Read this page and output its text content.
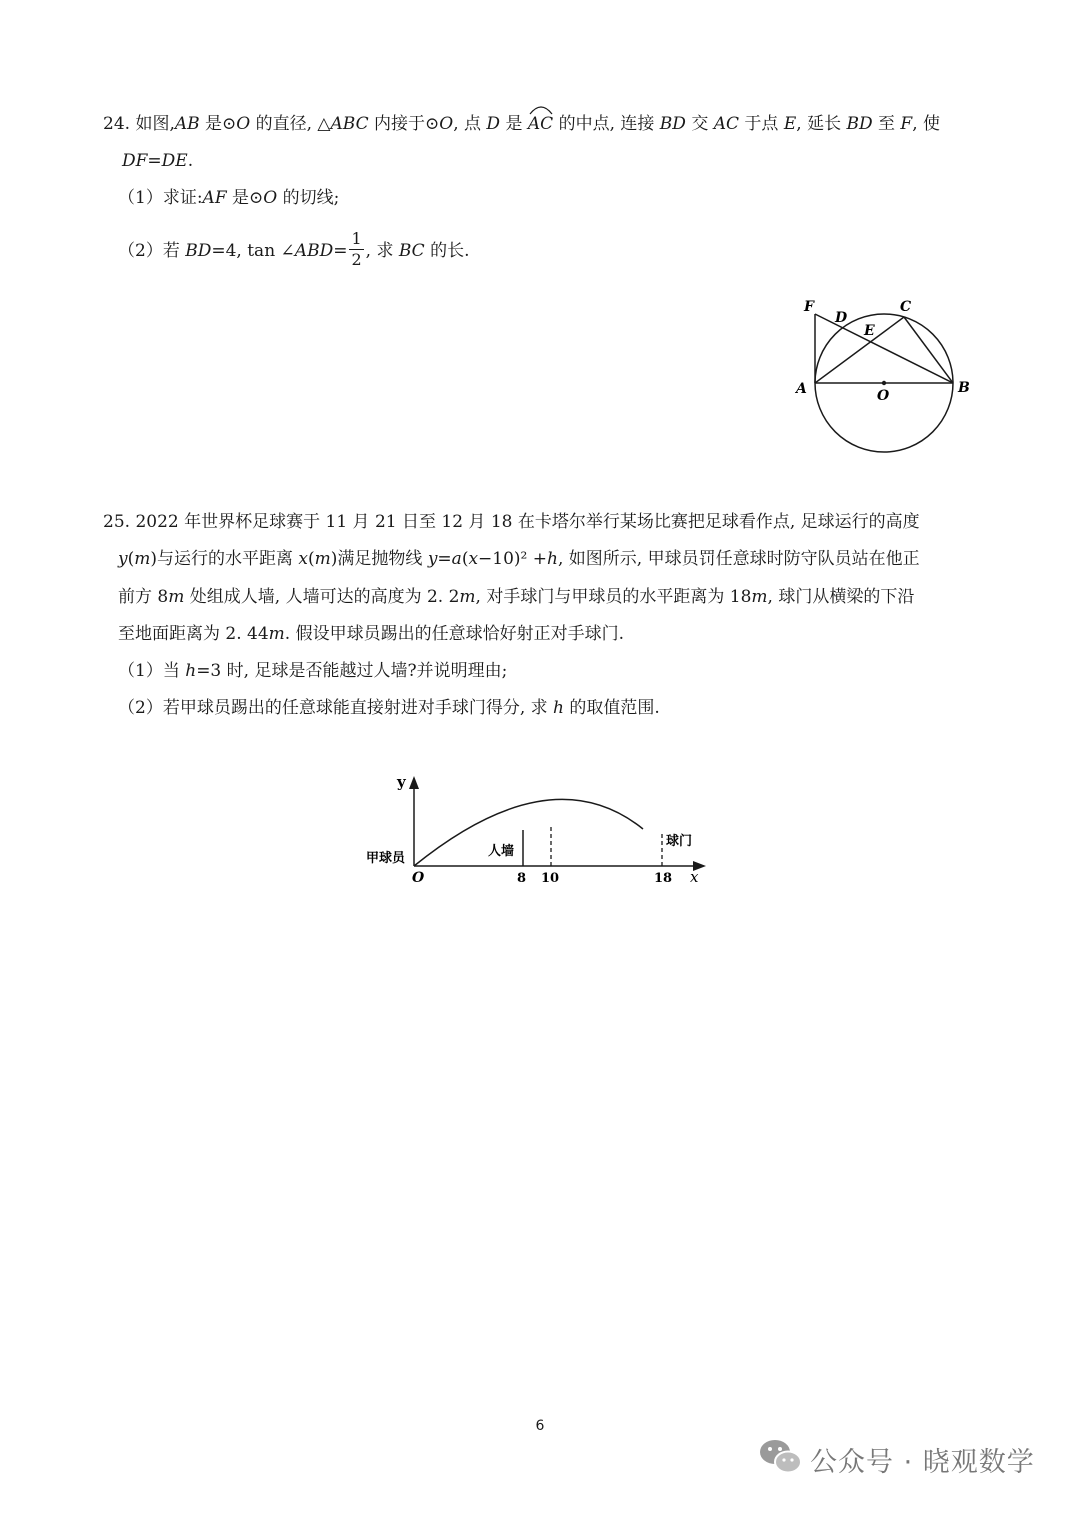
24. 如图,AB 是⊙O 的直径, △ABC 内接于⊙O, 点 D 是
AC 的中点, 连接 BD 交 AC 于点 E, 延长 BD 至 F, 使
DF=DE.
（1）求证:AF 是⊙O 的切线;
（2）若 BD=4, tan ∠ABD= $\frac{1}{2}$ , 求 BC 的长.
F
D
C
E
A	O	B
25. 2022 年世界杯足球赛于 11 月 21 日至 12 月 18 在卡塔尔举行某场比赛把足球看作点, 足球运行的高度
y(m)与运行的水平距离 x(m)满足抛物线 y=a(x−10)² +h, 如图所示, 甲球员罚任意球时防守队员站在他正
前方 8m 处组成人墙, 人墙可达的高度为 2. 2m, 对手球门与甲球员的水平距离为 18m, 球门从横梁的下沿
至地面距离为 2. 44m. 假设甲球员踢出的任意球恰好射正对手球门.
（1）当 h=3 时, 足球是否能越过人墙?并说明理由;
（2）若甲球员踢出的任意球能直接射进对手球门得分, 求 h 的取值范围.
y
x
O
甲球员	人墙
球门
8 10	18
6
公众号 · 晓观数学
